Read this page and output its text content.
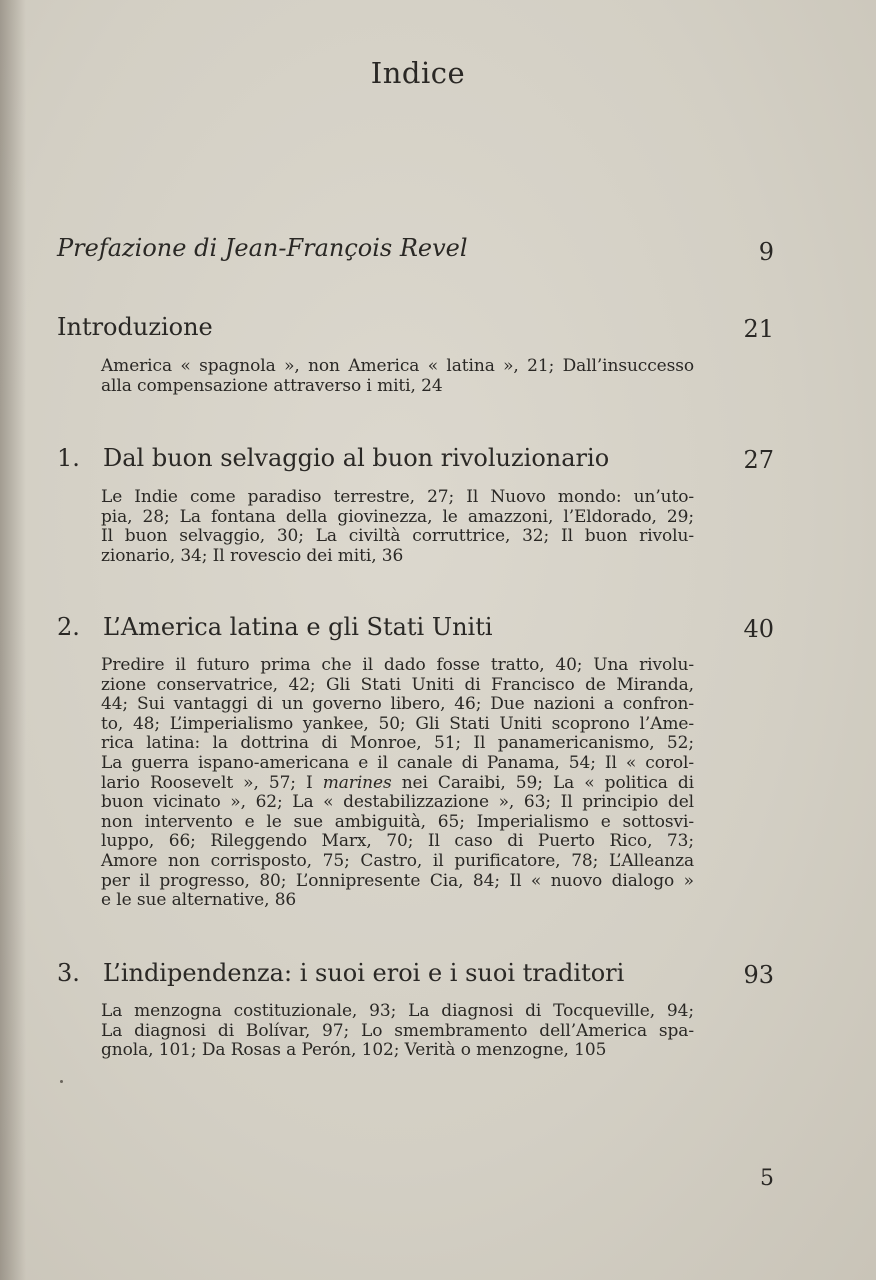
Indice
Prefazione di Jean-François Revel	9
Introduzione	21
America « spagnola », non America « latina », 21; Dall’insuccesso
alla compensazione attraverso i miti, 24
1. Dal buon selvaggio al buon rivoluzionario	27
Le Indie come paradiso terrestre, 27; Il Nuovo mondo: un’uto-
pia, 28; La fontana della giovinezza, le amazzoni, l’Eldorado, 29;
Il buon selvaggio, 30; La civiltà corruttrice, 32; Il buon rivolu-
zionario, 34; Il rovescio dei miti, 36
2. L’America latina e gli Stati Uniti	40
Predire il futuro prima che il dado fosse tratto, 40; Una rivolu-
zione conservatrice, 42; Gli Stati Uniti di Francisco de Miranda,
44; Sui vantaggi di un governo libero, 46; Due nazioni a confron-
to, 48; L’imperialismo yankee, 50; Gli Stati Uniti scoprono l’Ame-
rica latina: la dottrina di Monroe, 51; Il panamericanismo, 52;
La guerra ispano-americana e il canale di Panama, 54; Il « corol-
lario Roosevelt », 57; I marines nei Caraibi, 59; La « politica di
buon vicinato », 62; La « destabilizzazione », 63; Il principio del
non intervento e le sue ambiguità, 65; Imperialismo e sottosvi-
luppo, 66; Rileggendo Marx, 70; Il caso di Puerto Rico, 73;
Amore non corrisposto, 75; Castro, il purificatore, 78; L’Alleanza
per il progresso, 80; L’onnipresente Cia, 84; Il « nuovo dialogo »
e le sue alternative, 86
3. L’indipendenza: i suoi eroi e i suoi traditori	93
La menzogna costituzionale, 93; La diagnosi di Tocqueville, 94;
La diagnosi di Bolívar, 97; Lo smembramento dell’America spa-
gnola, 101; Da Rosas a Perón, 102; Verità o menzogne, 105
5
